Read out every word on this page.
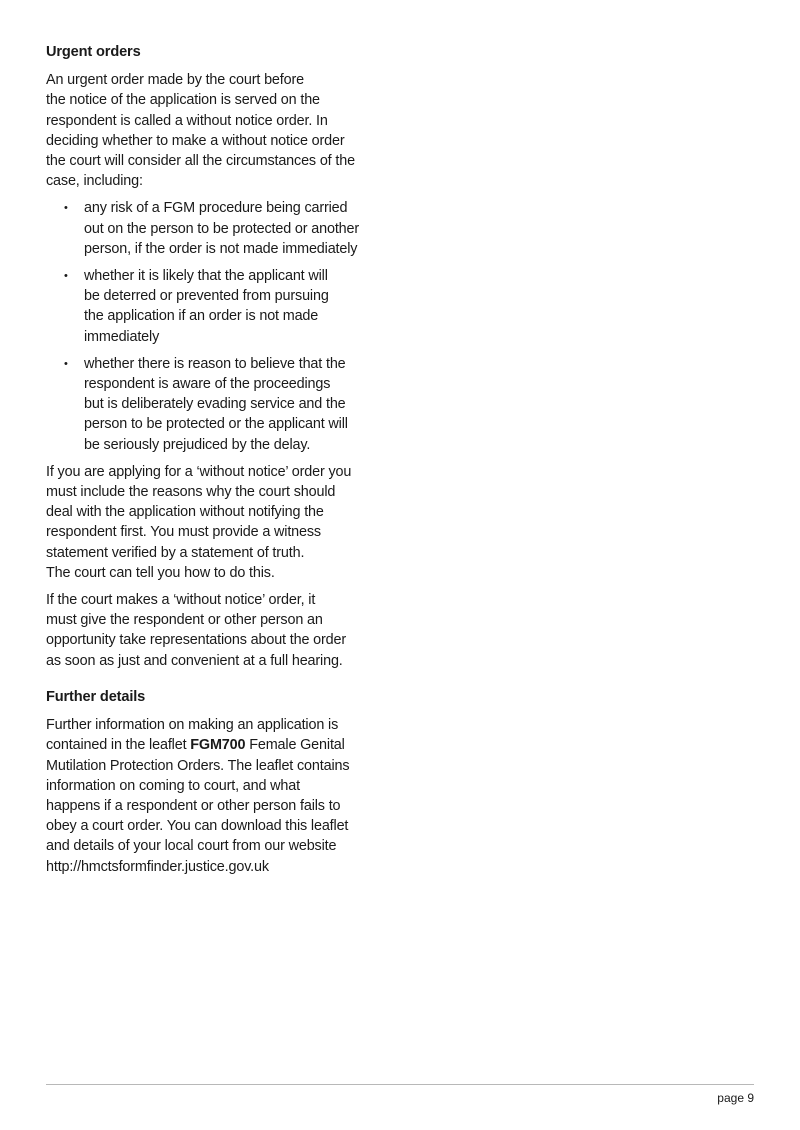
Urgent orders
An urgent order made by the court before
the notice of the application is served on the
respondent is called a without notice order. In
deciding whether to make a without notice order
the court will consider all the circumstances of the
case, including:
• any risk of a FGM procedure being carried
out on the person to be protected or another
person, if the order is not made immediately
• whether it is likely that the applicant will
be deterred or prevented from pursuing
the application if an order is not made
immediately
• whether there is reason to believe that the
respondent is aware of the proceedings
but is deliberately evading service and the
person to be protected or the applicant will
be seriously prejudiced by the delay.
If you are applying for a ‘without notice’ order you
must include the reasons why the court should
deal with the application without notifying the
respondent first. You must provide a witness
statement verified by a statement of truth.
The court can tell you how to do this.
If the court makes a ‘without notice’ order, it
must give the respondent or other person an
opportunity take representations about the order
as soon as just and convenient at a full hearing.
Further details
Further information on making an application is
contained in the leaflet FGM700 Female Genital
Mutilation Protection Orders. The leaflet contains
information on coming to court, and what
happens if a respondent or other person fails to
obey a court order. You can download this leaflet
and details of your local court from our website
http://hmctsformfinder.justice.gov.uk
page 9
